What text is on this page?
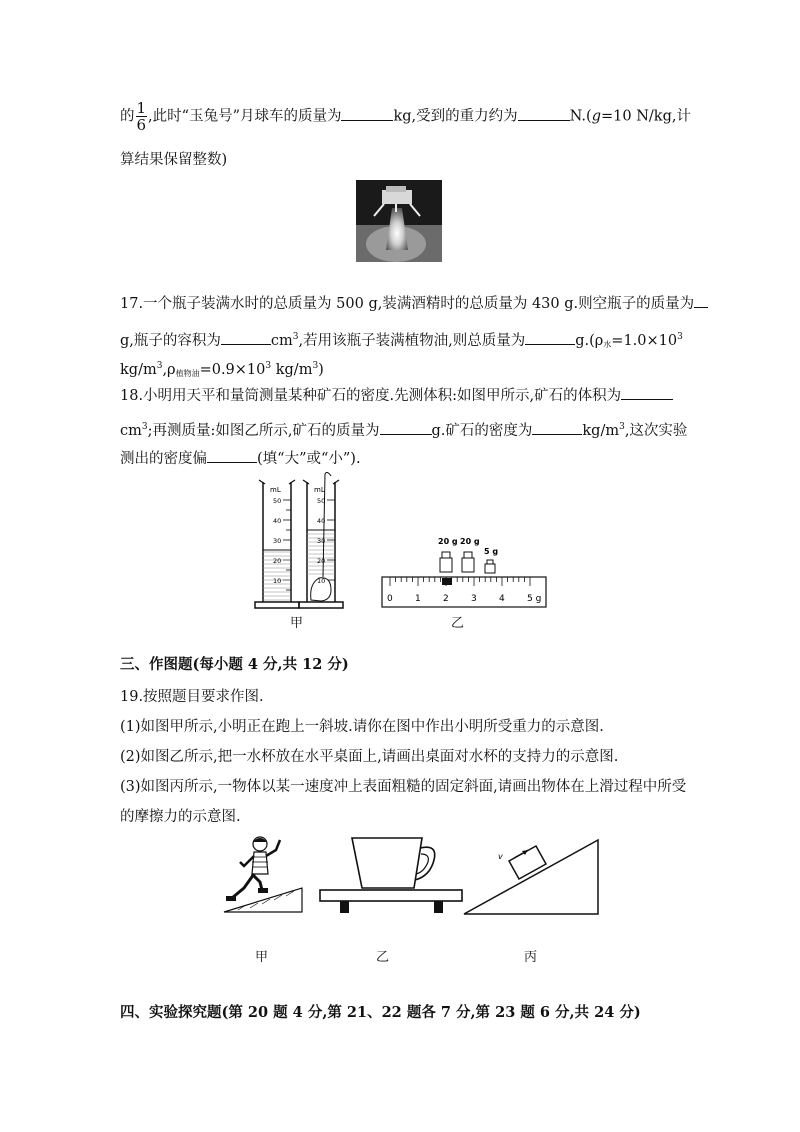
的 $\frac{1}{6}$ ,此时“玉兔号”月球车的质量为	kg,受到的重力约为	N.(g=10 N/kg,计
算结果保留整数)
17.一个瓶子装满水时的总质量为 500 g,装满酒精时的总质量为 430 g.则空瓶子的质量为
g,瓶子的容积为	$cm^3$,若用该瓶子装满植物油,则总质量为	$g.(\rho_水=1.0\times 10^3$
$kg/m^3,\rho_{植物油}=0.9\times 10^3$ $kg/m^3$)
18.小明用天平和量筒测量某种矿石的密度.先测体积:如图甲所示,矿石的体积为
$cm^3$;再测质量:如图乙所示,矿石的质量为	g.矿石的密度为	$kg/m^3$,这次实验
测出的密度偏	(填“大”或“小”).
mL
50
40
30
20
10
mL
50
40
30
20
10
甲
20 g 20 g
5 g
0 1 2 3 4 5 g
乙
三、作图题(每小题 4 分,共 12 分)
19.按照题目要求作图.
(1)如图甲所示,小明正在跑上一斜坡.请你在图中作出小明所受重力的示意图.
(2)如图乙所示,把一水杯放在水平桌面上,请画出桌面对水杯的支持力的示意图.
(3)如图丙所示,一物体以某一速度冲上表面粗糙的固定斜面,请画出物体在上滑过程中所受
的摩擦力的示意图.
v
甲	乙	丙
四、实验探究题(第 20 题 4 分,第 21、22 题各 7 分,第 23 题 6 分,共 24 分)
